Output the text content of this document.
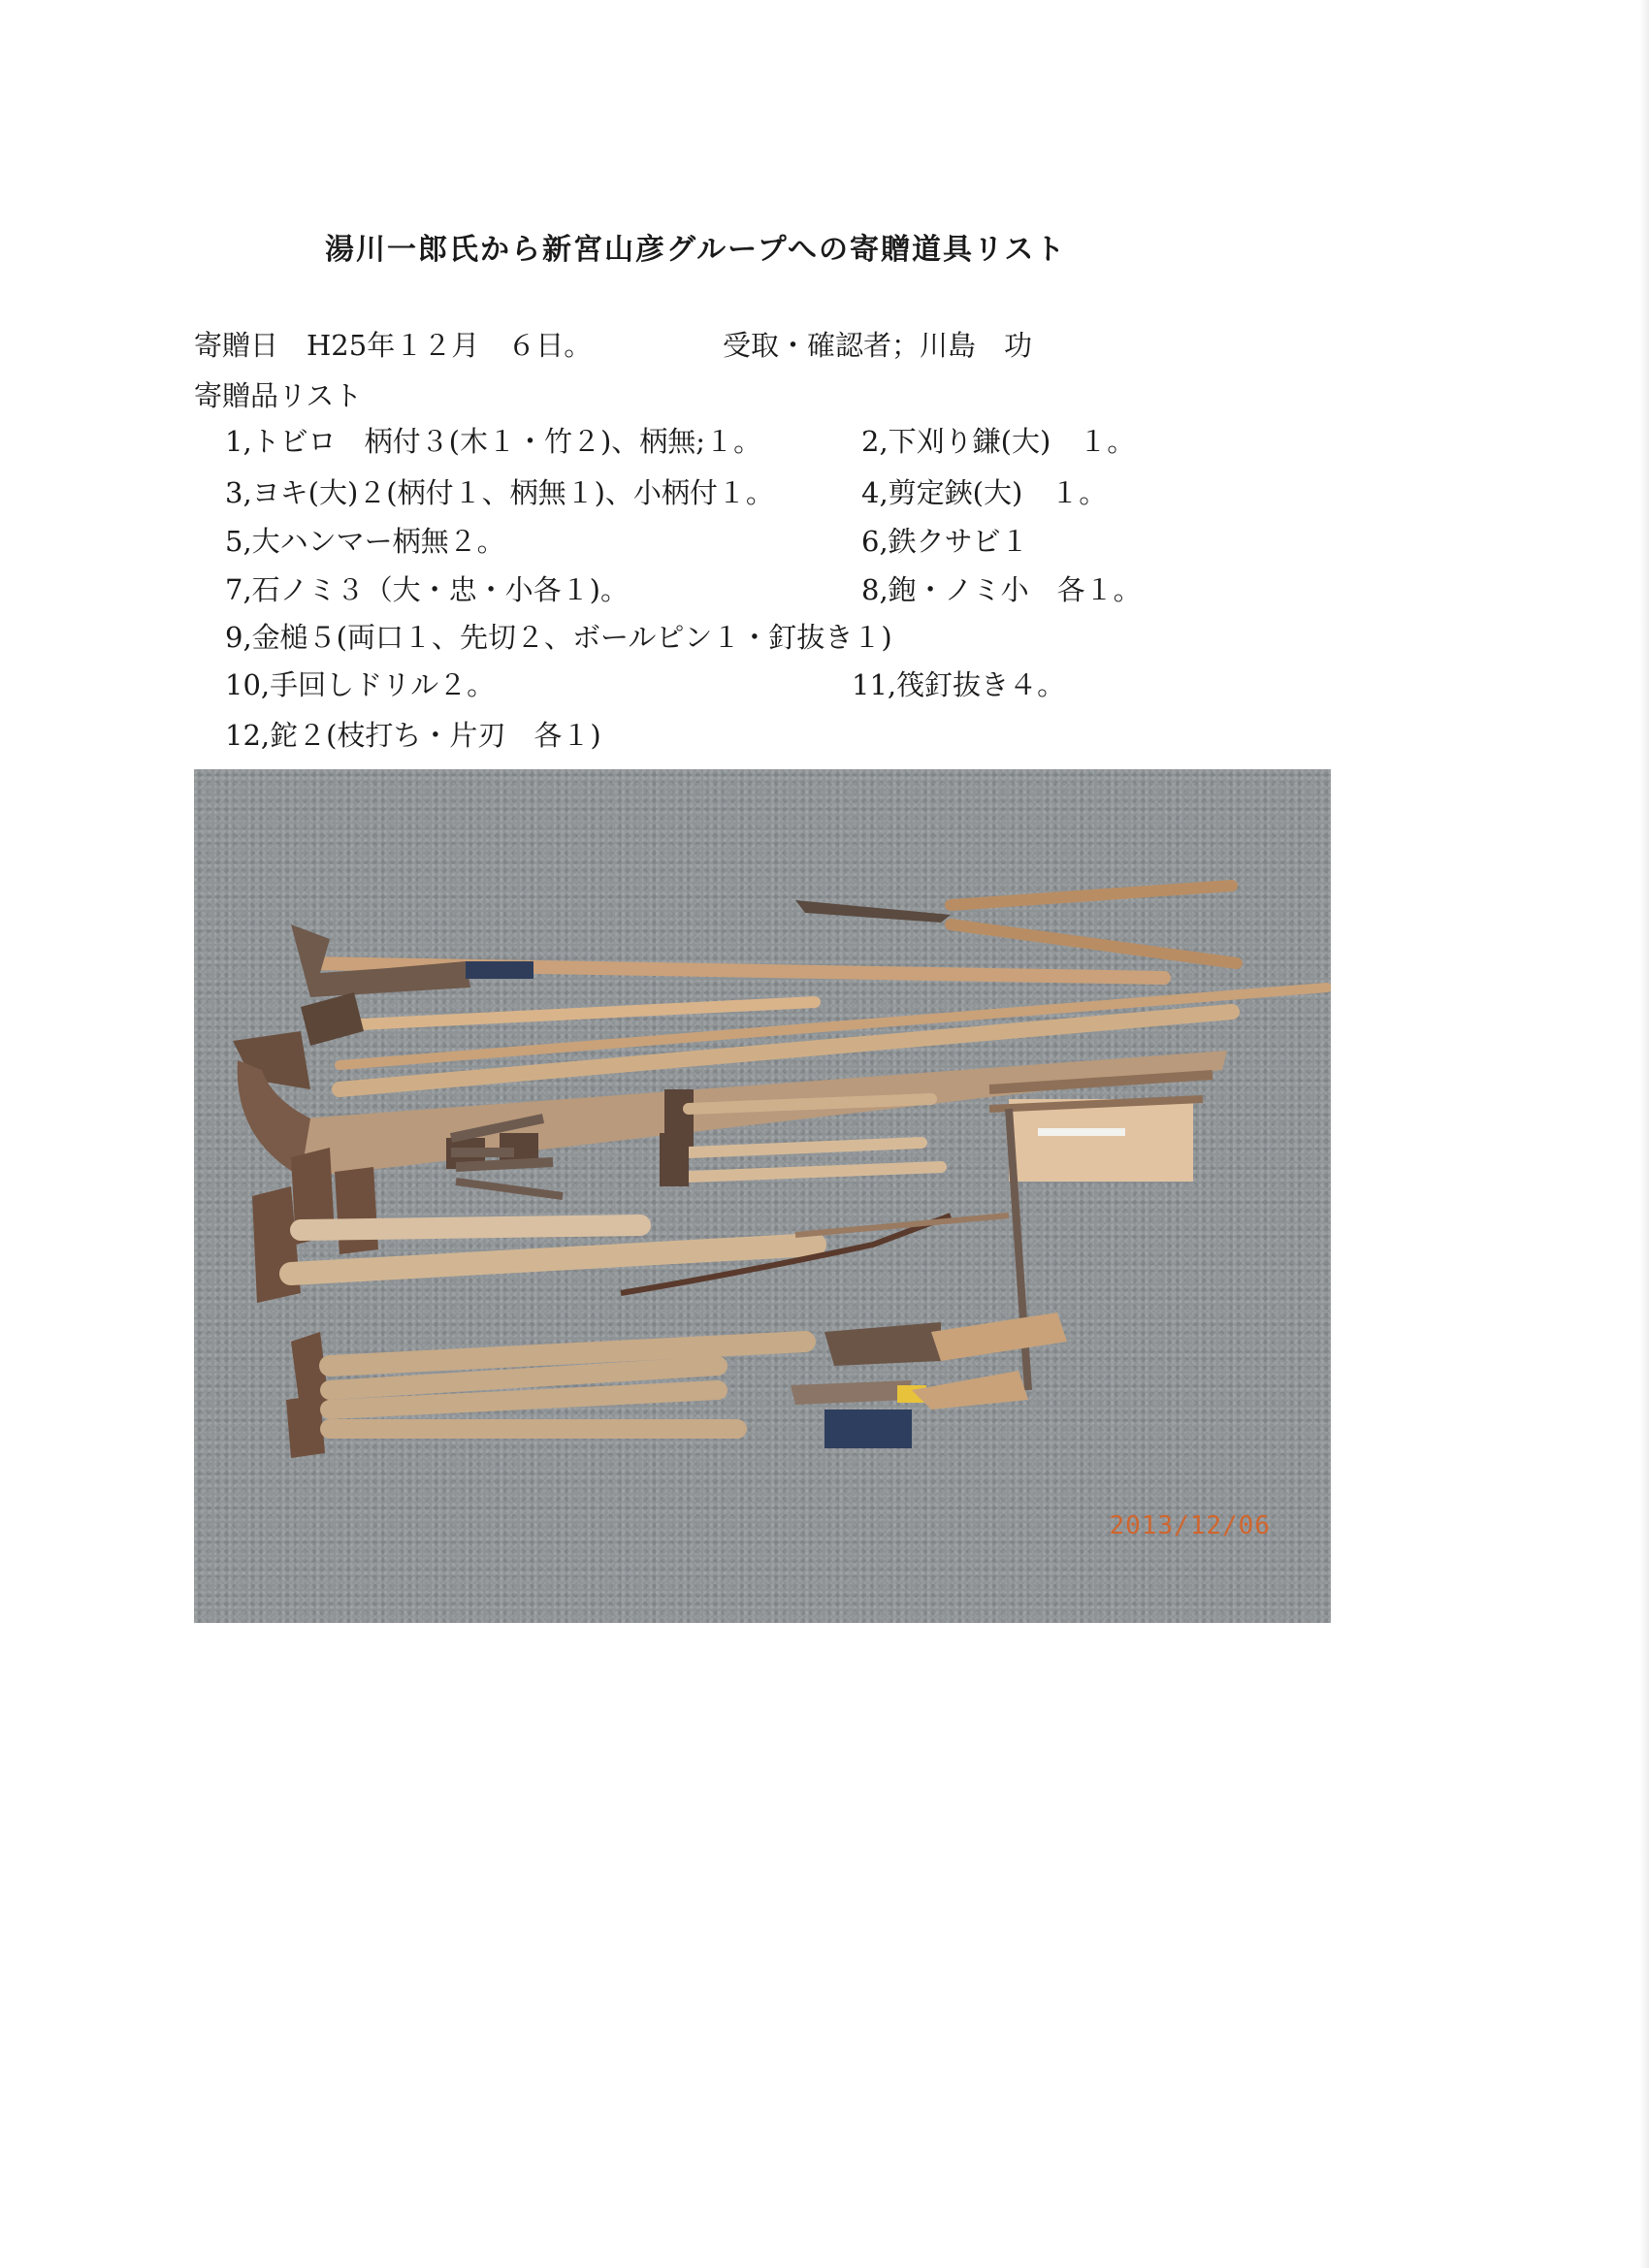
湯川一郎氏から新宮山彦グループへの寄贈道具リスト
寄贈日　H25年１２月　６日。	受取・確認者；川島　功
寄贈品リスト
1,トビロ　柄付３(木１・竹２)、柄無;１。	2,下刈り鎌(大)　１。
3,ヨキ(大)２(柄付１、柄無１)、小柄付１。	4,剪定鋏(大)　１。
5,大ハンマー柄無２。	6,鉄クサビ１
7,石ノミ３（大・忠・小各１)。	8,鉋・ノミ小　各１。
9,金槌５(両口１、先切２、ボールピン１・釘抜き１)
10,手回しドリル２。	11,筏釘抜き４。
12,鉈２(枝打ち・片刃　各１)
2013/12/06
